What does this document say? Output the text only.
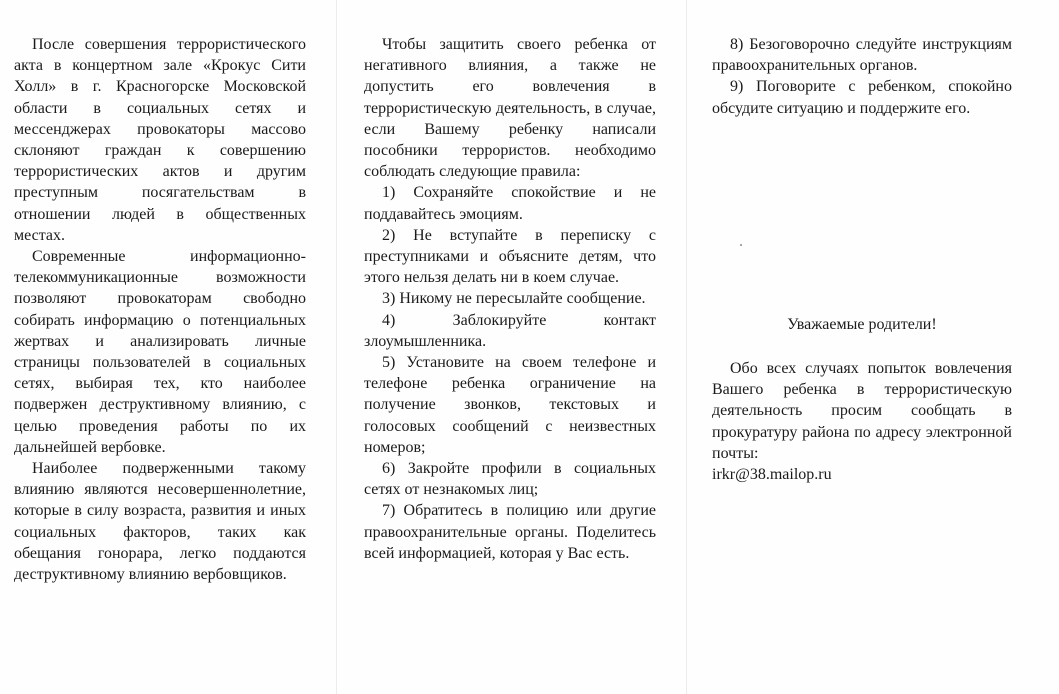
После совершения террористического акта в концертном зале «Крокус Сити Холл» в г. Красногорске Московской области в социальных сетях и мессенджерах провокаторы массово склоняют граждан к совершению террористических актов и другим преступным посягательствам в отношении людей в общественных местах.

Современные информационно-телекоммуникационные возможности позволяют провокаторам свободно собирать информацию о потенциальных жертвах и анализировать личные страницы пользователей в социальных сетях, выбирая тех, кто наиболее подвержен деструктивному влиянию, с целью проведения работы по их дальнейшей вербовке.

Наиболее подверженными такому влиянию являются несовершеннолетние, которые в силу возраста, развития и иных социальных факторов, таких как обещания гонорара, легко поддаются деструктивному влиянию вербовщиков.

Чтобы защитить своего ребенка от негативного влияния, а также не допустить его вовлечения в террористическую деятельность, в случае, если Вашему ребенку написали пособники террористов. необходимо соблюдать следующие правила:

1) Сохраняйте спокойствие и не поддавайтесь эмоциям.

2) Не вступайте в переписку с преступниками и объясните детям, что этого нельзя делать ни в коем случае.

3) Никому не пересылайте сообщение.

4) Заблокируйте контакт злоумышленника.

5) Установите на своем телефоне и телефоне ребенка ограничение на получение звонков, текстовых и голосовых сообщений с неизвестных номеров;

6) Закройте профили в социальных сетях от незнакомых лиц;

7) Обратитесь в полицию или другие правоохранительные органы. Поделитесь всей информацией, которая у Вас есть.

8) Безоговорочно следуйте инструкциям правоохранительных органов.

9) Поговорите с ребенком, спокойно обсудите ситуацию и поддержите его.

Уважаемые родители!

Обо всех случаях попыток вовлечения Вашего ребенка в террористическую деятельность просим сообщать в прокуратуру района по адресу электронной почты:

irkr@38.mailop.ru
